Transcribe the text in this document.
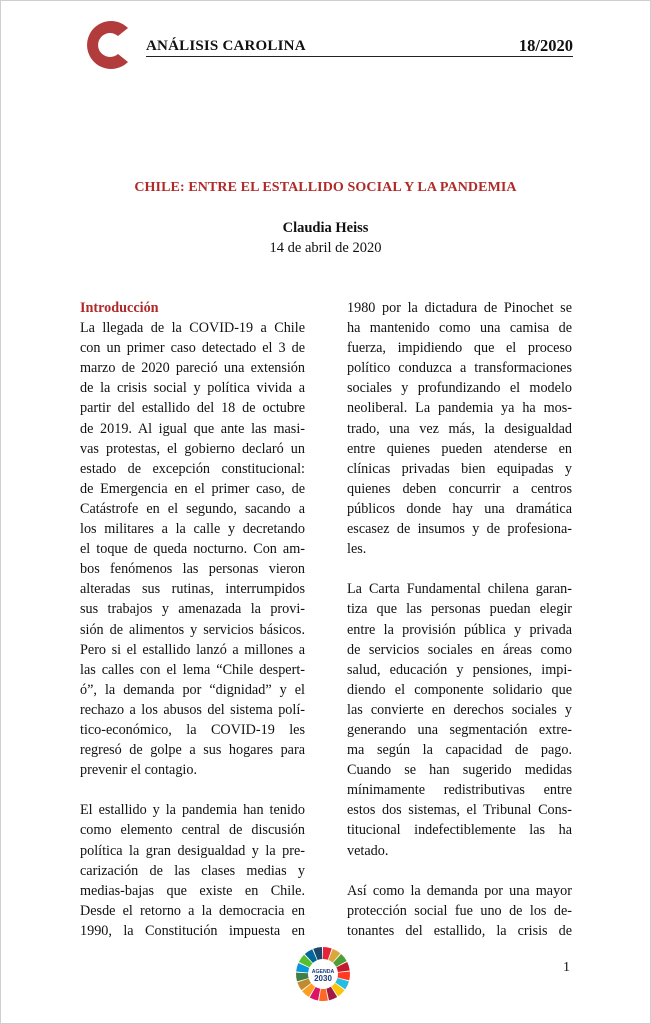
ANÁLISIS CAROLINA	18/2020
CHILE: ENTRE EL ESTALLIDO SOCIAL Y LA PANDEMIA
Claudia Heiss
14 de abril de 2020
Introducción
La llegada de la COVID-19 a Chile
con un primer caso detectado el 3 de
marzo de 2020 pareció una extensión
de la crisis social y política vivida a
partir del estallido del 18 de octubre
de 2019. Al igual que ante las masi-
vas protestas, el gobierno declaró un
estado de excepción constitucional:
de Emergencia en el primer caso, de
Catástrofe en el segundo, sacando a
los militares a la calle y decretando
el toque de queda nocturno. Con am-
bos fenómenos las personas vieron
alteradas sus rutinas, interrumpidos
sus trabajos y amenazada la provi-
sión de alimentos y servicios básicos.
Pero si el estallido lanzó a millones a
las calles con el lema “Chile despert-
ó”, la demanda por “dignidad” y el
rechazo a los abusos del sistema polí-
tico-económico, la COVID-19 les
regresó de golpe a sus hogares para
prevenir el contagio.
El estallido y la pandemia han tenido
como elemento central de discusión
política la gran desigualdad y la pre-
carización de las clases medias y
medias-bajas que existe en Chile.
Desde el retorno a la democracia en
1990, la Constitución impuesta en
1980 por la dictadura de Pinochet se
ha mantenido como una camisa de
fuerza, impidiendo que el proceso
político conduzca a transformaciones
sociales y profundizando el modelo
neoliberal. La pandemia ya ha mos-
trado, una vez más, la desigualdad
entre quienes pueden atenderse en
clínicas privadas bien equipadas y
quienes deben concurrir a centros
públicos donde hay una dramática
escasez de insumos y de profesiona-
les.
La Carta Fundamental chilena garan-
tiza que las personas puedan elegir
entre la provisión pública y privada
de servicios sociales en áreas como
salud, educación y pensiones, impi-
diendo el componente solidario que
las convierte en derechos sociales y
generando una segmentación extre-
ma según la capacidad de pago.
Cuando se han sugerido medidas
mínimamente redistributivas entre
estos dos sistemas, el Tribunal Cons-
titucional indefectiblemente las ha
vetado.
Así como la demanda por una mayor
protección social fue uno de los de-
tonantes del estallido, la crisis de
AGENDA
2030
1
